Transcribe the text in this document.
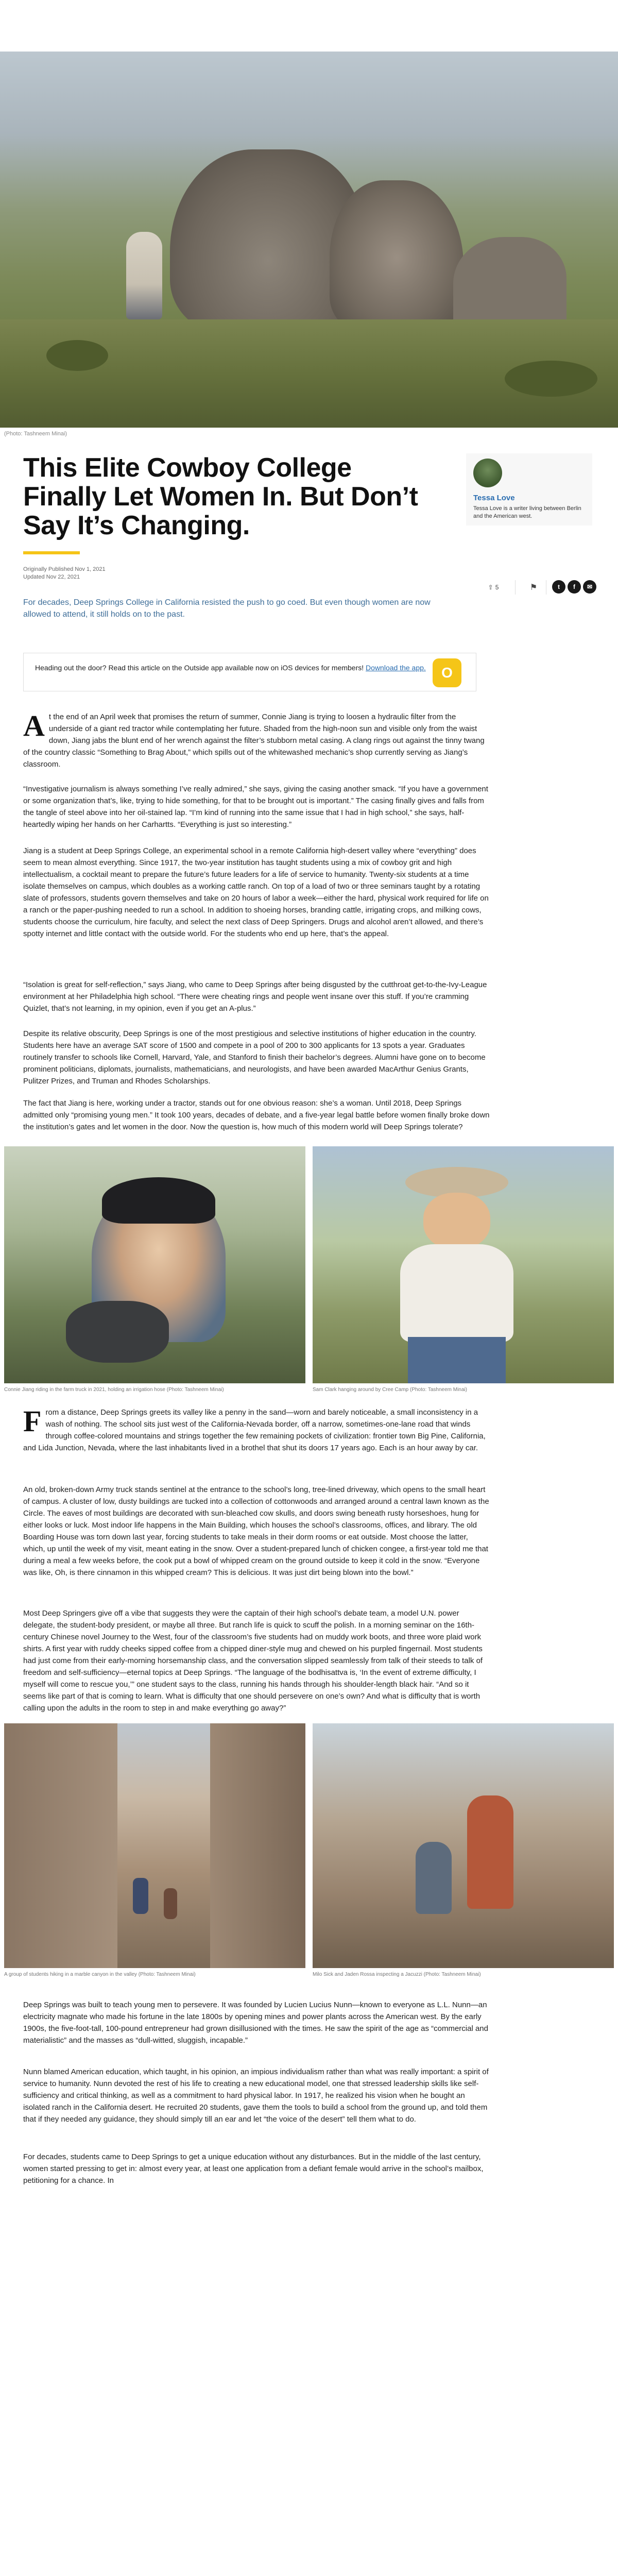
(Photo: Tashneem Minai)
This Elite Cowboy College Finally Let Women In. But Don’t Say It’s Changing.
Originally Published Nov 1, 2021
Updated Nov 22, 2021
Tessa Love
Tessa Love is a writer living between Berlin and the American west.
⇪ 5	⚑	t	f	✉

For decades, Deep Springs College in California resisted the push to go coed. But even though women are now allowed to attend, it still holds on to the past.

Heading out the door? Read this article on the Outside app available now on iOS devices for members! Download the app.	O

At the end of an April week that promises the return of summer, Connie Jiang is trying to loosen a hydraulic filter from the underside of a giant red tractor while contemplating her future. Shaded from the high-noon sun and visible only from the waist down, Jiang jabs the blunt end of her wrench against the filter’s stubborn metal casing. A clang rings out against the tinny twang of the country classic “Something to Brag About,” which spills out of the whitewashed mechanic’s shop currently serving as Jiang’s classroom.

“Investigative journalism is always something I’ve really admired,” she says, giving the casing another smack. “If you have a government or some organization that’s, like, trying to hide something, for that to be brought out is important.” The casing finally gives and falls from the tangle of steel above into her oil-stained lap. “I’m kind of running into the same issue that I had in high school,” she says, half-heartedly wiping her hands on her Carhartts. “Everything is just so interesting.”

Jiang is a student at Deep Springs College, an experimental school in a remote California high-desert valley where “everything” does seem to mean almost everything. Since 1917, the two-year institution has taught students using a mix of cowboy grit and high intellectualism, a cocktail meant to prepare the future’s future leaders for a life of service to humanity. Twenty-six students at a time isolate themselves on campus, which doubles as a working cattle ranch. On top of a load of two or three seminars taught by a rotating slate of professors, students govern themselves and take on 20 hours of labor a week—either the hard, physical work required for life on a ranch or the paper-pushing needed to run a school. In addition to shoeing horses, branding cattle, irrigating crops, and milking cows, students choose the curriculum, hire faculty, and select the next class of Deep Springers. Drugs and alcohol aren’t allowed, and there’s spotty internet and little contact with the outside world. For the students who end up here, that’s the appeal.

“Isolation is great for self-reflection,” says Jiang, who came to Deep Springs after being disgusted by the cutthroat get-to-the-Ivy-League environment at her Philadelphia high school. “There were cheating rings and people went insane over this stuff. If you’re cramming Quizlet, that’s not learning, in my opinion, even if you get an A-plus.”

Despite its relative obscurity, Deep Springs is one of the most prestigious and selective institutions of higher education in the country. Students here have an average SAT score of 1500 and compete in a pool of 200 to 300 applicants for 13 spots a year. Graduates routinely transfer to schools like Cornell, Harvard, Yale, and Stanford to finish their bachelor’s degrees. Alumni have gone on to become prominent politicians, diplomats, journalists, mathematicians, and neurologists, and have been awarded MacArthur Genius Grants, Pulitzer Prizes, and Truman and Rhodes Scholarships.

The fact that Jiang is here, working under a tractor, stands out for one obvious reason: she’s a woman. Until 2018, Deep Springs admitted only “promising young men.” It took 100 years, decades of debate, and a five-year legal battle before women finally broke down the institution’s gates and let women in the door. Now the question is, how much of this modern world will Deep Springs tolerate?

Connie Jiang riding in the farm truck in 2021, holding an irrigation hose (Photo: Tashneem Minai)	Sam Clark hanging around by Cree Camp (Photo: Tashneem Minai)

From a distance, Deep Springs greets its valley like a penny in the sand—worn and barely noticeable, a small inconsistency in a wash of nothing. The school sits just west of the California-Nevada border, off a narrow, sometimes-one-lane road that winds through coffee-colored mountains and strings together the few remaining pockets of civilization: frontier town Big Pine, California, and Lida Junction, Nevada, where the last inhabitants lived in a brothel that shut its doors 17 years ago. Each is an hour away by car.

An old, broken-down Army truck stands sentinel at the entrance to the school’s long, tree-lined driveway, which opens to the small heart of campus. A cluster of low, dusty buildings are tucked into a collection of cottonwoods and arranged around a central lawn known as the Circle. The eaves of most buildings are decorated with sun-bleached cow skulls, and doors swing beneath rusty horseshoes, hung for either looks or luck. Most indoor life happens in the Main Building, which houses the school’s classrooms, offices, and library. The old Boarding House was torn down last year, forcing students to take meals in their dorm rooms or eat outside. Most choose the latter, which, up until the week of my visit, meant eating in the snow. Over a student-prepared lunch of chicken congee, a first-year told me that during a meal a few weeks before, the cook put a bowl of whipped cream on the ground outside to keep it cold in the snow. “Everyone was like, Oh, is there cinnamon in this whipped cream? This is delicious. It was just dirt being blown into the bowl.”

Most Deep Springers give off a vibe that suggests they were the captain of their high school’s debate team, a model U.N. power delegate, the student-body president, or maybe all three. But ranch life is quick to scuff the polish. In a morning seminar on the 16th-century Chinese novel Journey to the West, four of the classroom’s five students had on muddy work boots, and three wore plaid work shirts. A first year with ruddy cheeks sipped coffee from a chipped diner-style mug and chewed on his purpled fingernail. Most students had just come from their early-morning horsemanship class, and the conversation slipped seamlessly from talk of their steeds to talk of freedom and self-sufficiency—eternal topics at Deep Springs. “The language of the bodhisattva is, ‘In the event of extreme difficulty, I myself will come to rescue you,’” one student says to the class, running his hands through his shoulder-length black hair. “And so it seems like part of that is coming to learn. What is difficulty that one should persevere on one’s own? And what is difficulty that is worth calling upon the adults in the room to step in and make everything go away?”

A group of students hiking in a marble canyon in the valley (Photo: Tashneem Minai)	Milo Sick and Jaden Rossa inspecting a Jacuzzi (Photo: Tashneem Minai)

Deep Springs was built to teach young men to persevere. It was founded by Lucien Lucius Nunn—known to everyone as L.L. Nunn—an electricity magnate who made his fortune in the late 1800s by opening mines and power plants across the American west. By the early 1900s, the five-foot-tall, 100-pound entrepreneur had grown disillusioned with the times. He saw the spirit of the age as “commercial and materialistic” and the masses as “dull-witted, sluggish, incapable.”

Nunn blamed American education, which taught, in his opinion, an impious individualism rather than what was really important: a spirit of service to humanity. Nunn devoted the rest of his life to creating a new educational model, one that stressed leadership skills like self-sufficiency and critical thinking, as well as a commitment to hard physical labor. In 1917, he realized his vision when he bought an isolated ranch in the California desert. He recruited 20 students, gave them the tools to build a school from the ground up, and told them that if they needed any guidance, they should simply till an ear and let “the voice of the desert” tell them what to do.

For decades, students came to Deep Springs to get a unique education without any disturbances. But in the middle of the last century, women started pressing to get in: almost every year, at least one application from a defiant female would arrive in the school’s mailbox, petitioning for a chance. In
